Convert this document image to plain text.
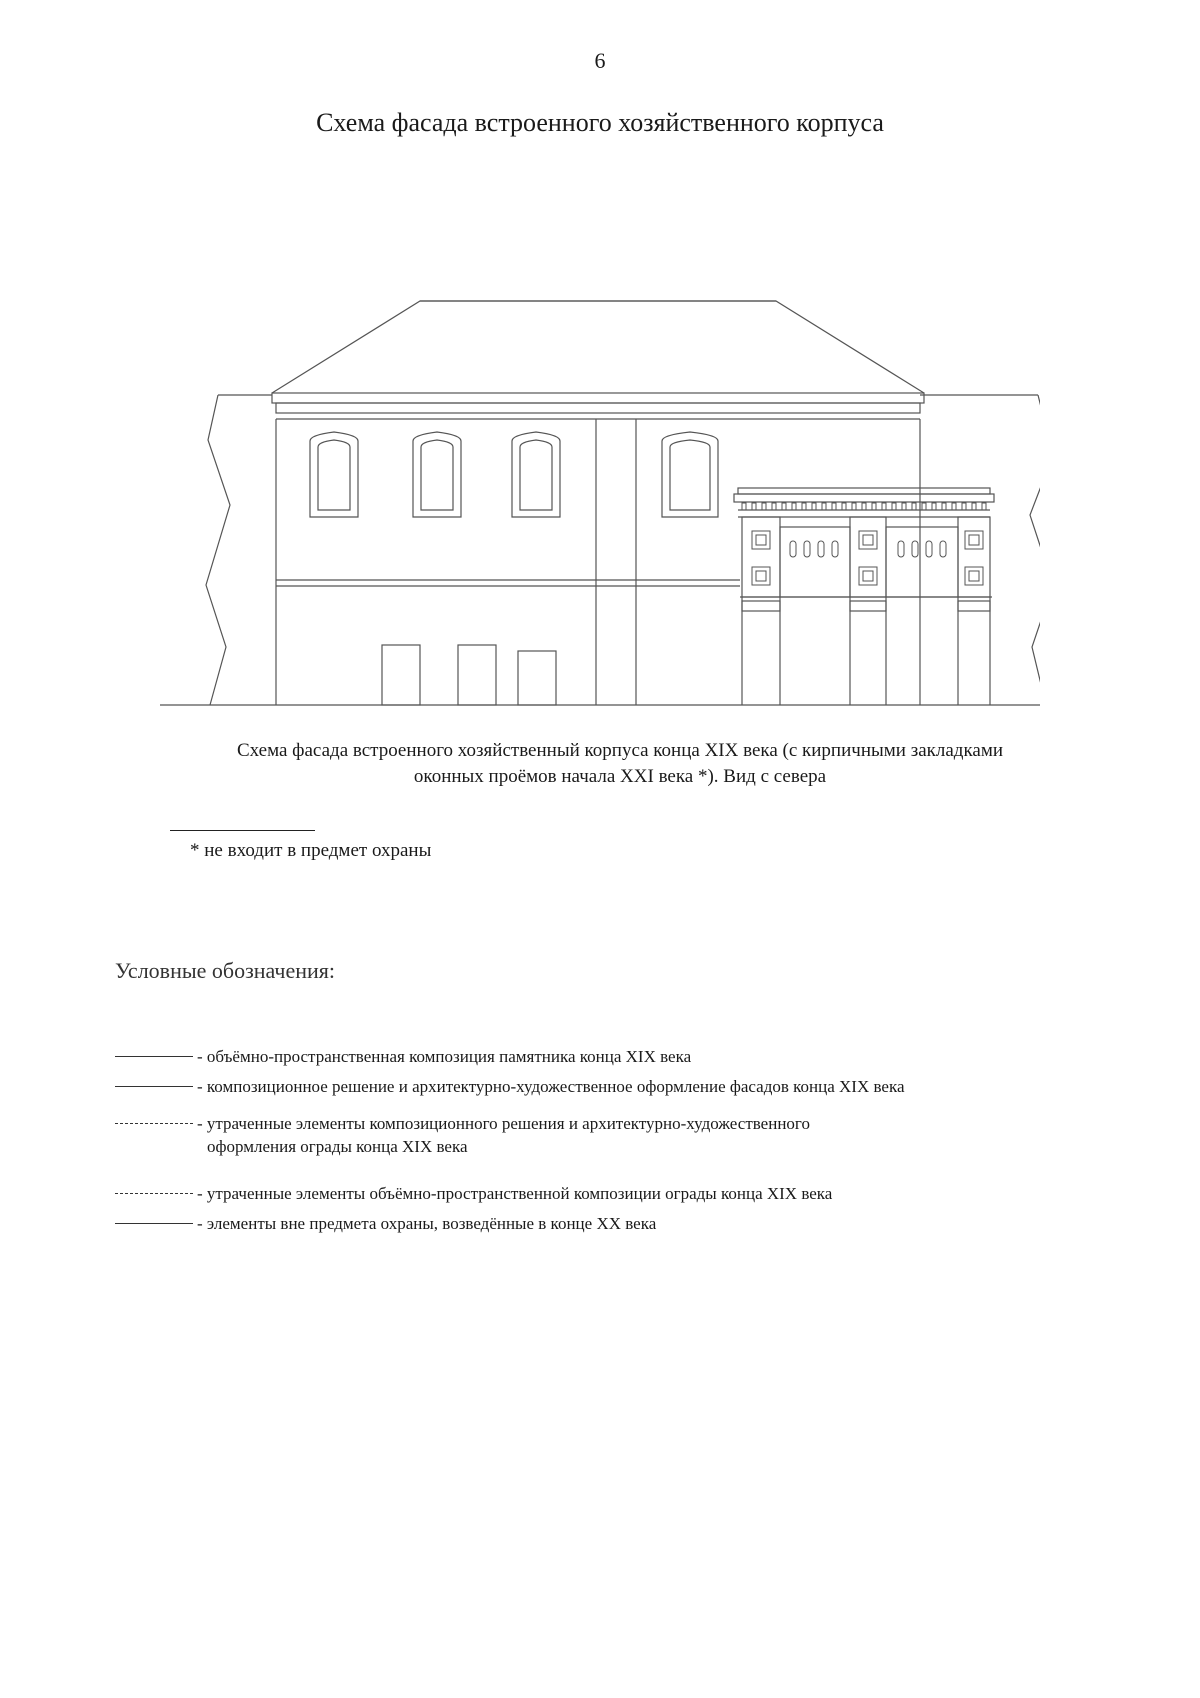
6
Схема фасада встроенного хозяйственного корпуса
Схема фасада встроенного хозяйственный корпуса конца XIX века (с кирпичными закладками
оконных проёмов начала XXI века *). Вид с севера
* не входит в предмет охраны
Условные обозначения:
- объёмно-пространственная композиция памятника конца XIX века
- композиционное решение и архитектурно-художественное оформление фасадов конца XIX века
- утраченные элементы композиционного решения и архитектурно-художественного
оформления ограды конца XIX века
- утраченные элементы объёмно-пространственной композиции ограды конца XIX века
- элементы вне предмета охраны, возведённые в конце XX века
